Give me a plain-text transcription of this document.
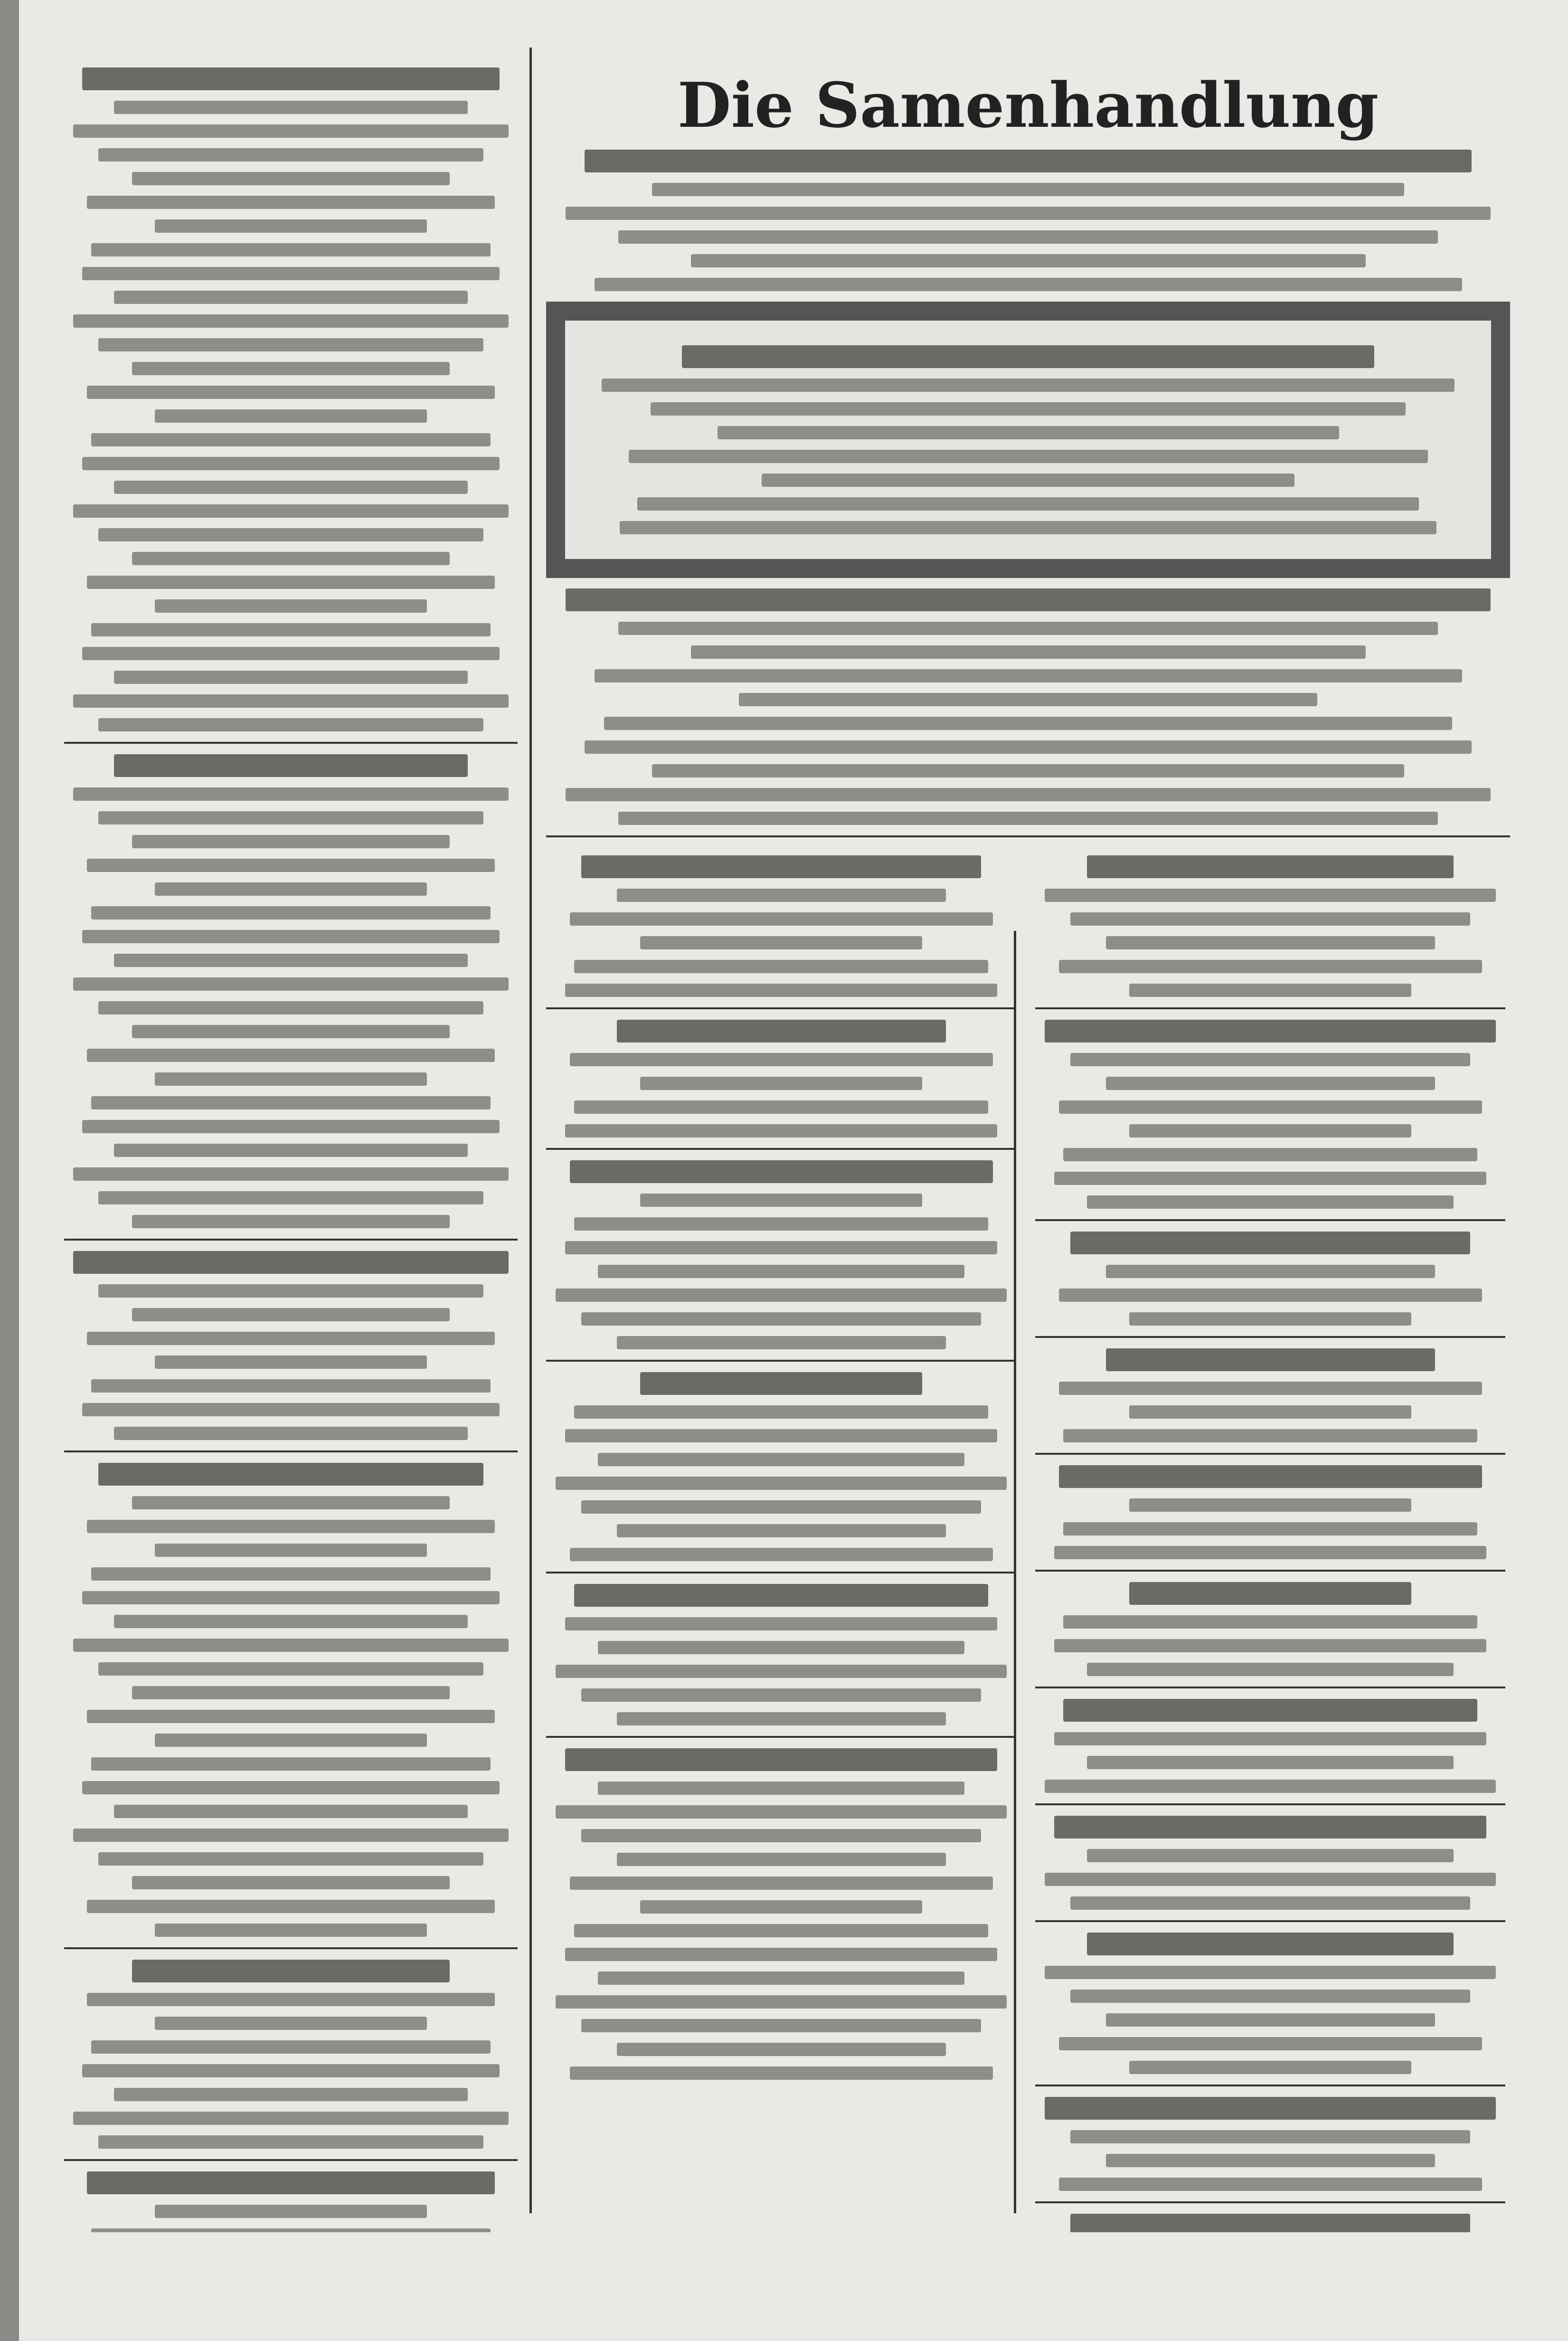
Die Samenhandlung
